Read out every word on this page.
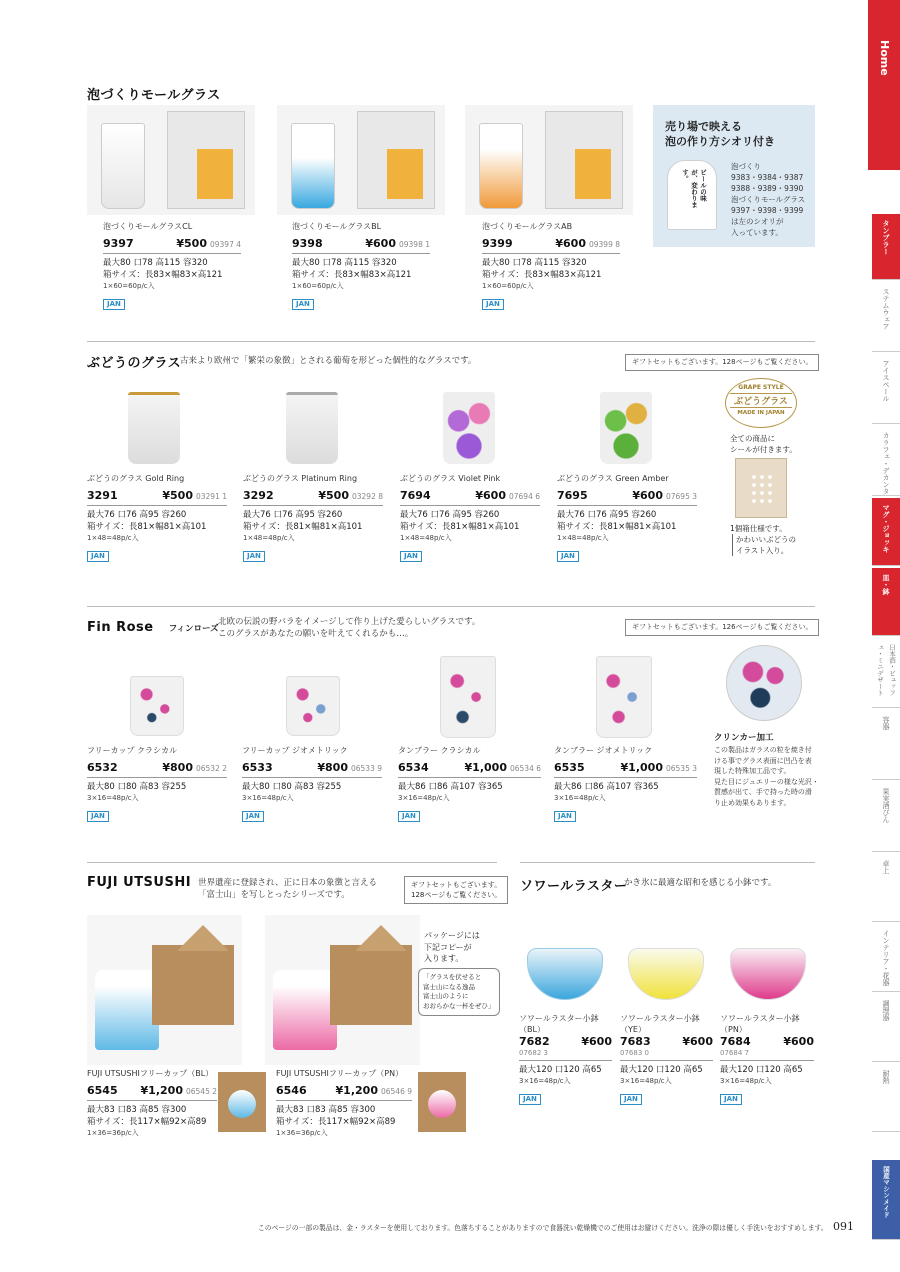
Home
タンブラー
ステムウェア
アイスペール
カラフェ・デカンタ
マグ・ジョッキ
皿・鉢
日本酒・ビュッフェ・ミニデザート
容器
果実酒びん
卓上
インテリア・花器
調理器
耐熱
国産マシンメイド
泡づくりモールグラス
泡づくりモールグラスCL
9397	¥500 09397 4
最大80 口78 高115 容320
箱サイズ：長83×幅83×高121
1×60=60p/c入
JAN
泡づくりモールグラスBL
9398	¥600 09398 1
最大80 口78 高115 容320
箱サイズ：長83×幅83×高121
1×60=60p/c入
JAN
泡づくりモールグラスAB
9399	¥600 09399 8
最大80 口78 高115 容320
箱サイズ：長83×幅83×高121
1×60=60p/c入
JAN
売り場で映える
泡の作り方シオリ付き
ビールの味が、変わります。
泡づくり
9383・9384・9387
9388・9389・9390
泡づくりモールグラス
9397・9398・9399
は左のシオリが
入っています。
ぶどうのグラス
古来より欧州で「繁栄の象徴」とされる葡萄を形どった個性的なグラスです。	ギフトセットもございます。128ページもご覧ください。
ぶどうのグラス Gold Ring
3291	¥500 03291 1
最大76 口76 高95 容260
箱サイズ：長81×幅81×高101
1×48=48p/c入
JAN
ぶどうのグラス Platinum Ring
3292	¥500 03292 8
最大76 口76 高95 容260
箱サイズ：長81×幅81×高101
1×48=48p/c入
JAN
ぶどうのグラス Violet Pink
7694	¥600 07694 6
最大76 口76 高95 容260
箱サイズ：長81×幅81×高101
1×48=48p/c入
JAN
ぶどうのグラス Green Amber
7695	¥600 07695 3
最大76 口76 高95 容260
箱サイズ：長81×幅81×高101
1×48=48p/c入
JAN
GRAPE STYLE
ぶどうグラス
MADE IN JAPAN
全ての商品に
シールが付きます。
1個箱仕様です。
かわいいぶどうの
イラスト入り。
Fin Rose フィンローズ
北欧の伝説の野バラをイメージして作り上げた愛らしいグラスです。
このグラスがあなたの願いを叶えてくれるかも…。
ギフトセットもございます。126ページもご覧ください。
フリーカップ クラシカル
6532	¥800 06532 2
最大80 口80 高83 容255
3×16=48p/c入
JAN
フリーカップ ジオメトリック
6533	¥800 06533 9
最大80 口80 高83 容255
3×16=48p/c入
JAN
タンブラー クラシカル
6534	¥1,000 06534 6
最大86 口86 高107 容365
3×16=48p/c入
JAN
タンブラー ジオメトリック
6535	¥1,000 06535 3
最大86 口86 高107 容365
3×16=48p/c入
JAN
クリンカー加工
この製品はガラスの粒を焼き付
ける事でグラス表面に凹凸を表
現した特殊加工品です。
見た目にジュエリーの様な光沢・
質感が出て、手で持った時の滑
り止め効果もあります。
FUJI UTSUSHI 世界遺産に登録され、正に日本の象徴と言える
「富士山」を写しとったシリーズです。
ギフトセットもございます。
128ページもご覧ください。
パッケージには
下記コピーが
入ります。
「グラスを伏せると
富士山になる逸品
富士山のように
おおらかな一杯をぜひ」
FUJI UTSUSHIフリーカップ（BL）
6545 ¥1,200 06545 2
最大83 口83 高85 容300
箱サイズ：長117×幅92×高89
1×36=36p/c入
FUJI UTSUSHIフリーカップ（PN）
6546	¥1,200 06546 9
最大83 口83 高85 容300
箱サイズ：長117×幅92×高89
1×36=36p/c入
ソワールラスター
かき氷に最適な昭和を感じる小鉢です。
ソワールラスター小鉢
（BL）
7682	¥600
07682 3
最大120 口120 高65
3×16=48p/c入
JAN
ソワールラスター小鉢
（YE）
7683	¥600
07683 0
最大120 口120 高65
3×16=48p/c入
JAN
ソワールラスター小鉢
（PN）
7684	¥600
07684 7
最大120 口120 高65
3×16=48p/c入
JAN
このページの一部の製品は、金・ラスターを使用しております。色落ちすることがありますので食器洗い乾燥機でのご使用はお避けください。洗浄の際は優しく手洗いをおすすめします。 091
